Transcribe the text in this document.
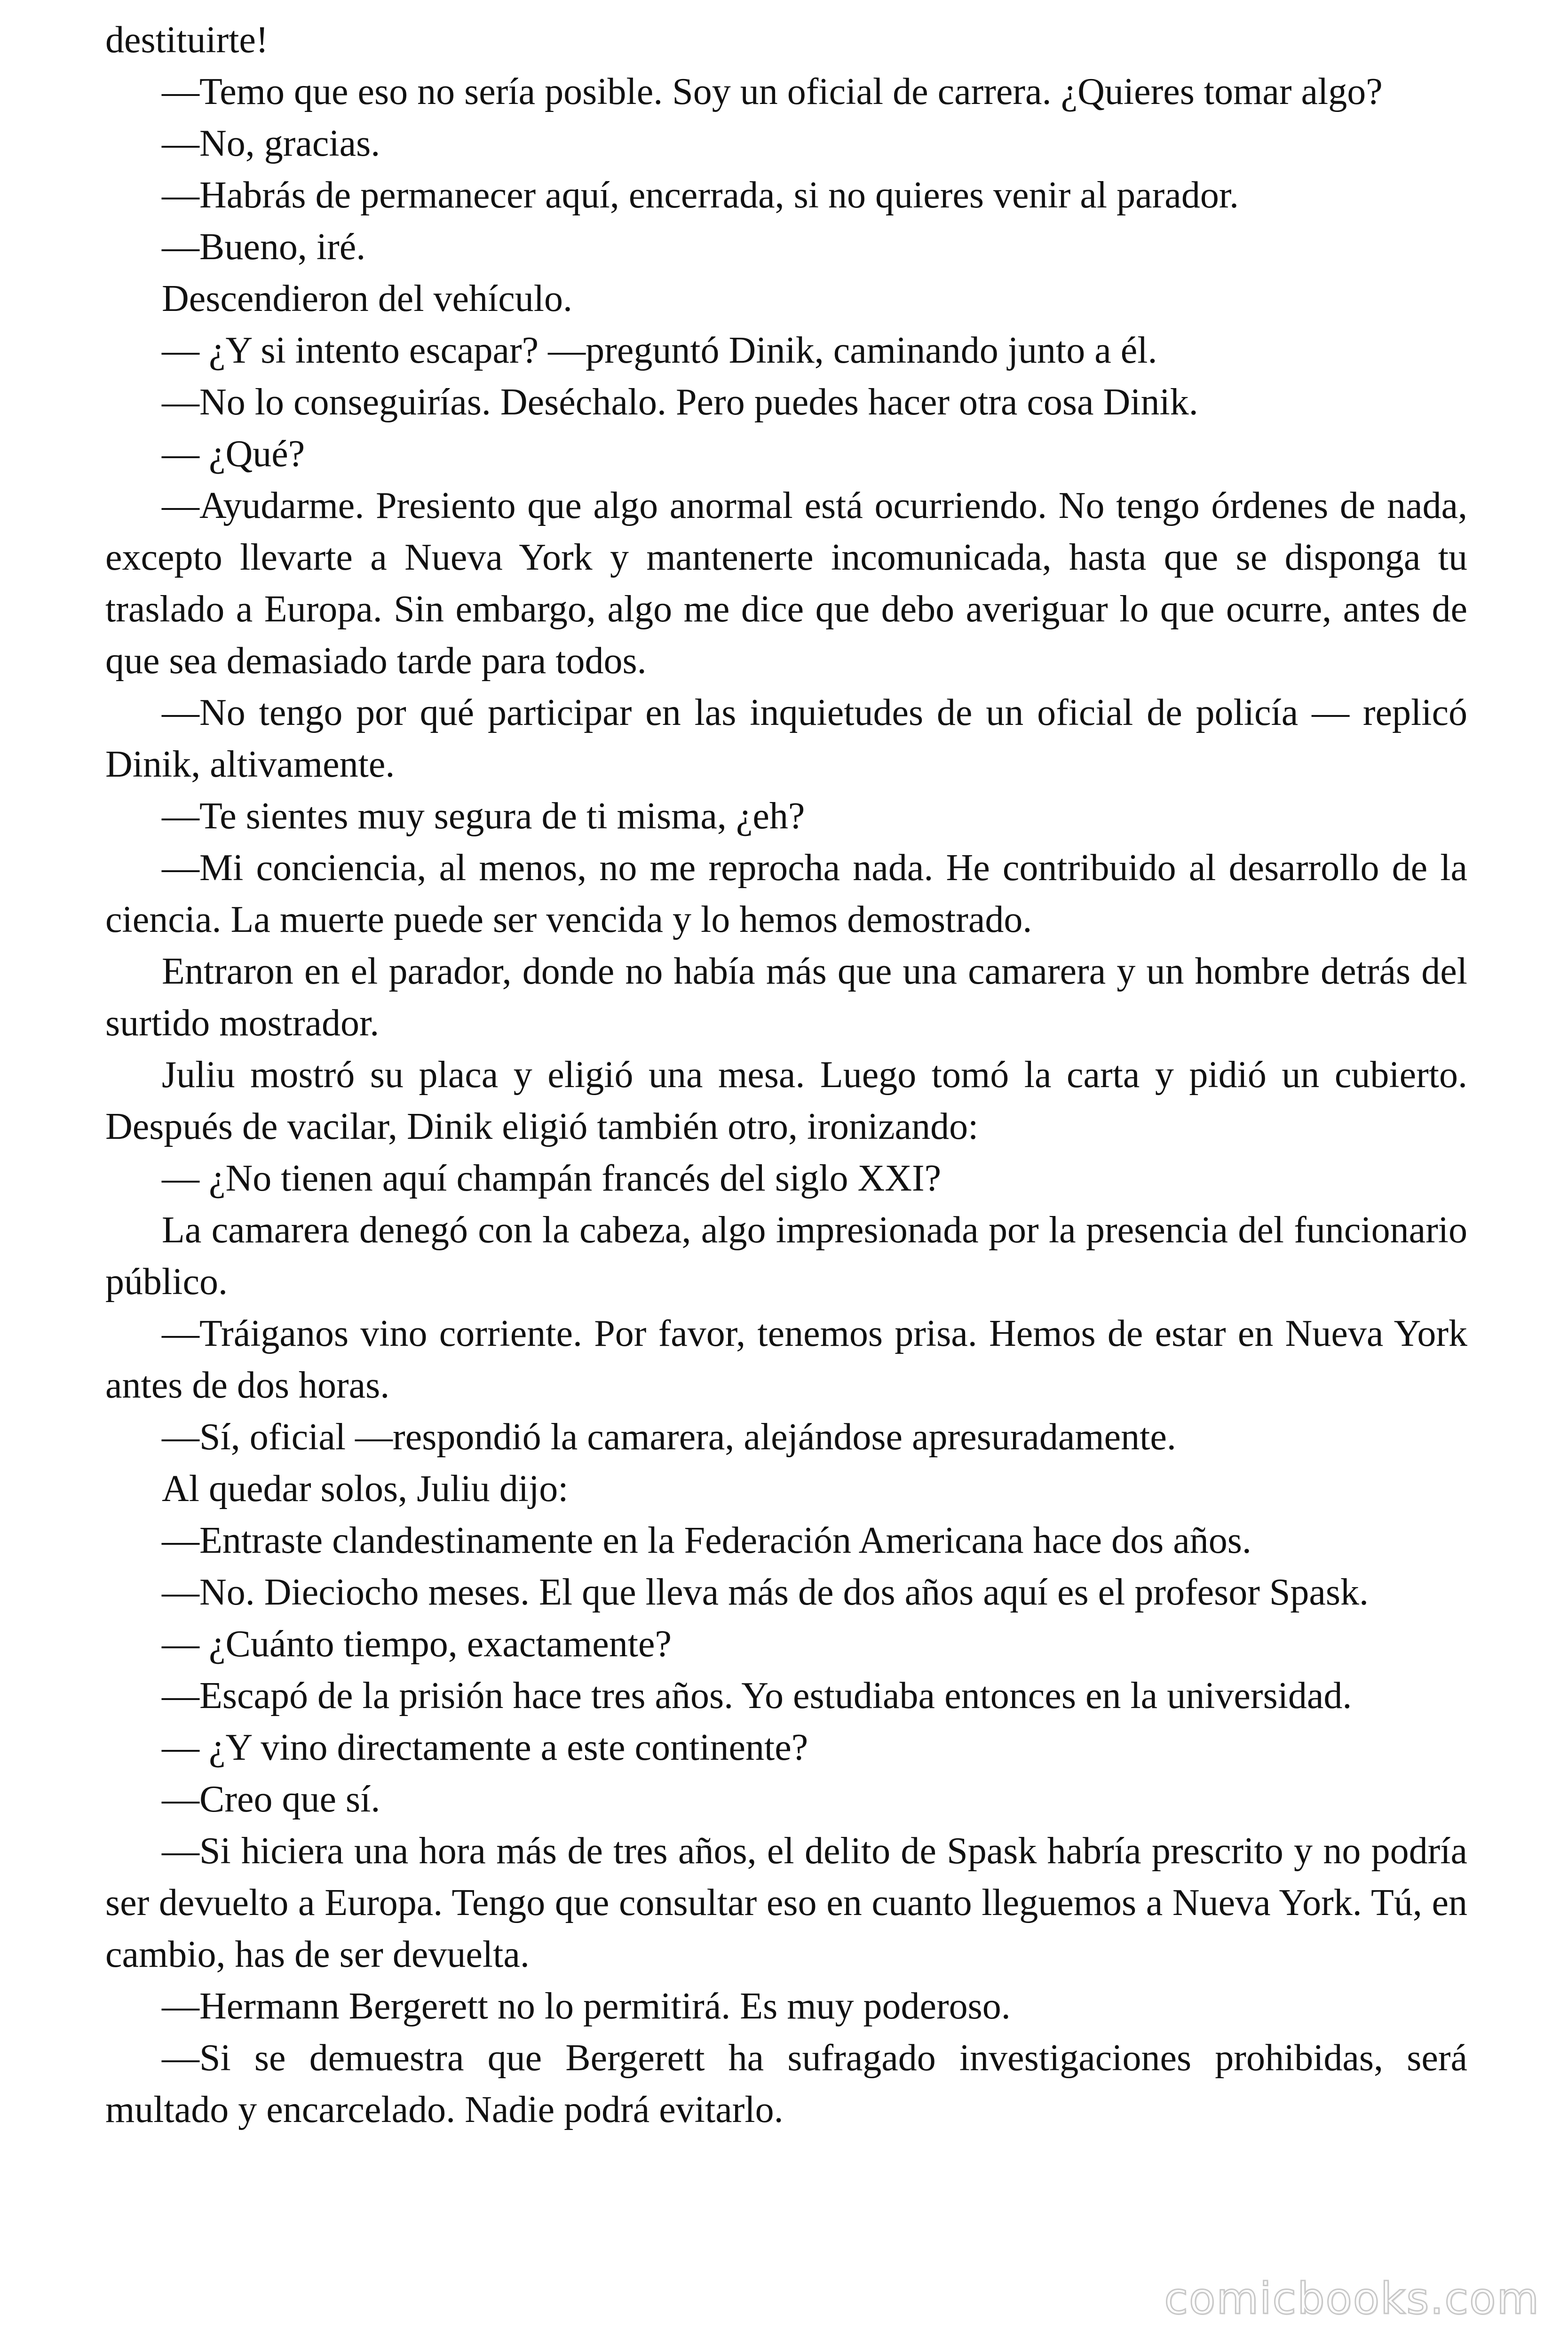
destituirte!

—Temo que eso no sería posible. Soy un oficial de carrera. ¿Quieres tomar algo?

—No, gracias.

—Habrás de permanecer aquí, encerrada, si no quieres venir al parador.

—Bueno, iré.

Descendieron del vehículo.

— ¿Y si intento escapar? —preguntó Dinik, caminando junto a él.

—No lo conseguirías. Deséchalo. Pero puedes hacer otra cosa Dinik.

— ¿Qué?

—Ayudarme. Presiento que algo anormal está ocurriendo. No tengo órdenes de nada, excepto llevarte a Nueva York y mantenerte incomunicada, hasta que se disponga tu traslado a Europa. Sin embargo, algo me dice que debo averiguar lo que ocurre, antes de que sea demasiado tarde para todos.

—No tengo por qué participar en las inquietudes de un oficial de policía — replicó Dinik, altivamente.

—Te sientes muy segura de ti misma, ¿eh?

—Mi conciencia, al menos, no me reprocha nada. He contribuido al desarrollo de la ciencia. La muerte puede ser vencida y lo hemos demostrado.

Entraron en el parador, donde no había más que una camarera y un hombre detrás del surtido mostrador.

Juliu mostró su placa y eligió una mesa. Luego tomó la carta y pidió un cubierto. Después de vacilar, Dinik eligió también otro, ironizando:

— ¿No tienen aquí champán francés del siglo XXI?

La camarera denegó con la cabeza, algo impresionada por la presencia del funcionario público.

—Tráiganos vino corriente. Por favor, tenemos prisa. Hemos de estar en Nueva York antes de dos horas.

—Sí, oficial —respondió la camarera, alejándose apresuradamente.

Al quedar solos, Juliu dijo:

—Entraste clandestinamente en la Federación Americana hace dos años.

—No. Dieciocho meses. El que lleva más de dos años aquí es el profesor Spask.

— ¿Cuánto tiempo, exactamente?

—Escapó de la prisión hace tres años. Yo estudiaba entonces en la universidad.

— ¿Y vino directamente a este continente?

—Creo que sí.

—Si hiciera una hora más de tres años, el delito de Spask habría prescrito y no podría ser devuelto a Europa. Tengo que consultar eso en cuanto lleguemos a Nueva York. Tú, en cambio, has de ser devuelta.

—Hermann Bergerett no lo permitirá. Es muy poderoso.

—Si se demuestra que Bergerett ha sufragado investigaciones prohibidas, será multado y encarcelado. Nadie podrá evitarlo.

comicbooks.com
